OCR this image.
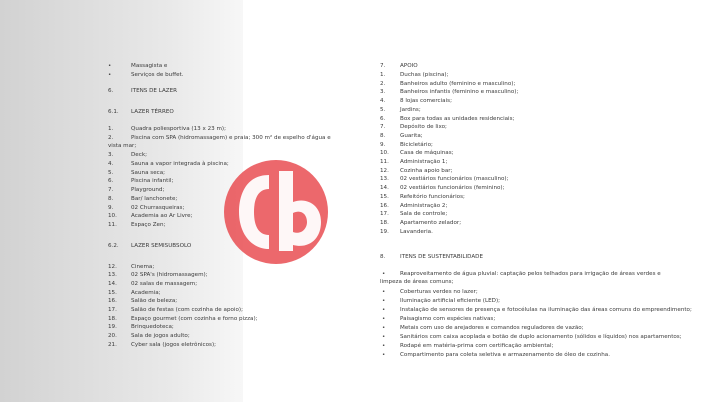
•	Massagista e
•	Serviços de buffet.
6.	ITENS DE LAZER
6.1. LAZER TÉRREO
1.	Quadra poliesportiva (13 x 23 m);
2.	Piscina com SPA (hidromassagem) e praia; 300 m² de espelho d'água e
vista mar;
3.	Deck;
4.	Sauna a vapor integrada à piscina;
5.	Sauna seca;
6.	Piscina infantil;
7.	Playground;
8.	Bar/ lanchonete;
9.	02 Churrasqueiras;
10.	Academia ao Ar Livre;
11.	Espaço Zen;
6.2. LAZER SEMISUBSOLO
12.	Cinema;
13.	02 SPA's (hidromassagem);
14.	02 salas de massagem;
15.	Academia;
16.	Salão de beleza;
17.	Salão de festas (com cozinha de apoio);
18.	Espaço gourmet (com cozinha e forno pizza);
19.	Brinquedoteca;
20.	Sala de jogos adulto;
21.	Cyber sala (jogos eletrônicos);
7.	APOIO
1.	Duchas (piscina);
2.	Banheiros adulto (feminino e masculino);
3.	Banheiros infantis (feminino e masculino);
4.	8 lojas comerciais;
5.	Jardins;
6.	Box para todas as unidades residenciais;
7.	Depósito de lixo;
8.	Guarita;
9.	Bicicletário;
10. Casa de máquinas;
11. Administração 1;
12. Cozinha apoio bar;
13. 02 vestiários funcionários (masculino);
14. 02 vestiários funcionários (feminino);
15. Refeitório funcionários;
16. Administração 2;
17. Sala de controle;
18. Apartamento zelador;
19. Lavanderia.
8.	ITENS DE SUSTENTABILIDADE
•	Reaproveitamento de água pluvial: captação pelos telhados para irrigação de áreas verdes e
limpeza de áreas comuns;
•	Coberturas verdes no lazer;
•	Iluminação artificial eficiente (LED);
•	Instalação de sensores de presença e fotocélulas na iluminação das áreas comuns do empreendimento;
•	Paisagismo com espécies nativas;
•	Metais com uso de arejadores e comandos reguladores de vazão;
•	Sanitários com caixa acoplada e botão de duplo acionamento (sólidos e líquidos) nos apartamentos;
•	Rodapé em matéria-prima com certificação ambiental;
•	Compartimento para coleta seletiva e armazenamento de óleo de cozinha.
